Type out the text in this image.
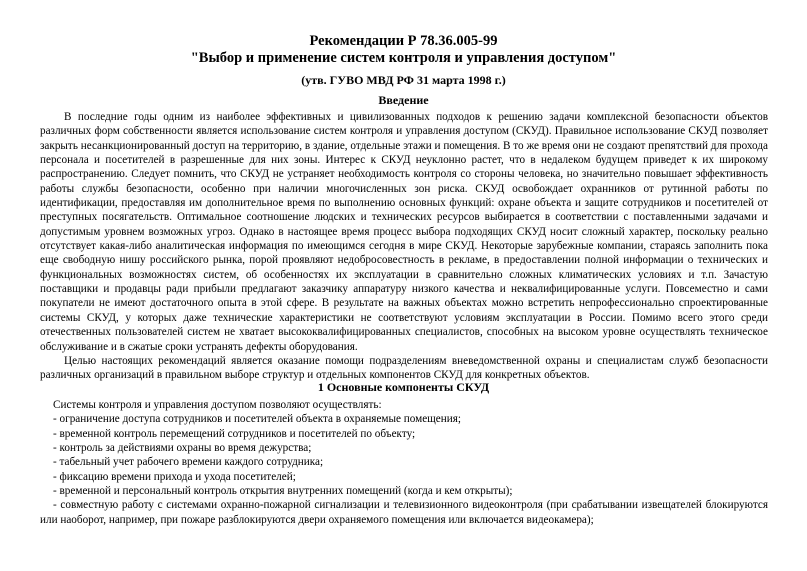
Рекомендации Р 78.36.005-99
"Выбор и применение систем контроля и управления доступом"
(утв. ГУВО МВД РФ 31 марта 1998 г.)
Введение

В последние годы одним из наиболее эффективных и цивилизованных подходов к решению задачи комплексной безопасности объектов различных форм собственности является использование систем контроля и управления доступом (СКУД). Правильное использование СКУД позволяет закрыть несанкционированный доступ на территорию, в здание, отдельные этажи и помещения. В то же время они не создают препятствий для прохода персонала и посетителей в разрешенные для них зоны. Интерес к СКУД неуклонно растет, что в недалеком будущем приведет к их широкому распространению. Следует помнить, что СКУД не устраняет необходимость контроля со стороны человека, но значительно повышает эффективность работы службы безопасности, особенно при наличии многочисленных зон риска. СКУД освобождает охранников от рутинной работы по идентификации, предоставляя им дополнительное время по выполнению основных функций: охране объекта и защите сотрудников и посетителей от преступных посягательств. Оптимальное соотношение людских и технических ресурсов выбирается в соответствии с поставленными задачами и допустимым уровнем возможных угроз. Однако в настоящее время процесс выбора подходящих СКУД носит сложный характер, поскольку реально отсутствует какая-либо аналитическая информация по имеющимся сегодня в мире СКУД. Некоторые зарубежные компании, стараясь заполнить пока еще свободную нишу российского рынка, порой проявляют недобросовестность в рекламе, в предоставлении полной информации о технических и функциональных возможностях систем, об особенностях их эксплуатации в сравнительно сложных климатических условиях и т.п. Зачастую поставщики и продавцы ради прибыли предлагают заказчику аппаратуру низкого качества и неквалифицированные услуги. Повсеместно и сами покупатели не имеют достаточного опыта в этой сфере. В результате на важных объектах можно встретить непрофессионально спроектированные системы СКУД, у которых даже технические характеристики не соответствуют условиям эксплуатации в России. Помимо всего этого среди отечественных пользователей систем не хватает высококвалифицированных специалистов, способных на высоком уровне осуществлять техническое обслуживание и в сжатые сроки устранять дефекты оборудования.

Целью настоящих рекомендаций является оказание помощи подразделениям вневедомственной охраны и специалистам служб безопасности различных организаций в правильном выборе структур и отдельных компонентов СКУД для конкретных объектов.

1 Основные компоненты СКУД

Системы контроля и управления доступом позволяют осуществлять:

- ограничение доступа сотрудников и посетителей объекта в охраняемые помещения;
- временной контроль перемещений сотрудников и посетителей по объекту;
- контроль за действиями охраны во время дежурства;
- табельный учет рабочего времени каждого сотрудника;
- фиксацию времени прихода и ухода посетителей;
- временной и персональный контроль открытия внутренних помещений (когда и кем открыты);
- совместную работу с системами охранно-пожарной сигнализации и телевизионного видеоконтроля (при срабатывании извещателей блокируются или наоборот, например, при пожаре разблокируются двери охраняемого помещения или включается видеокамера);
